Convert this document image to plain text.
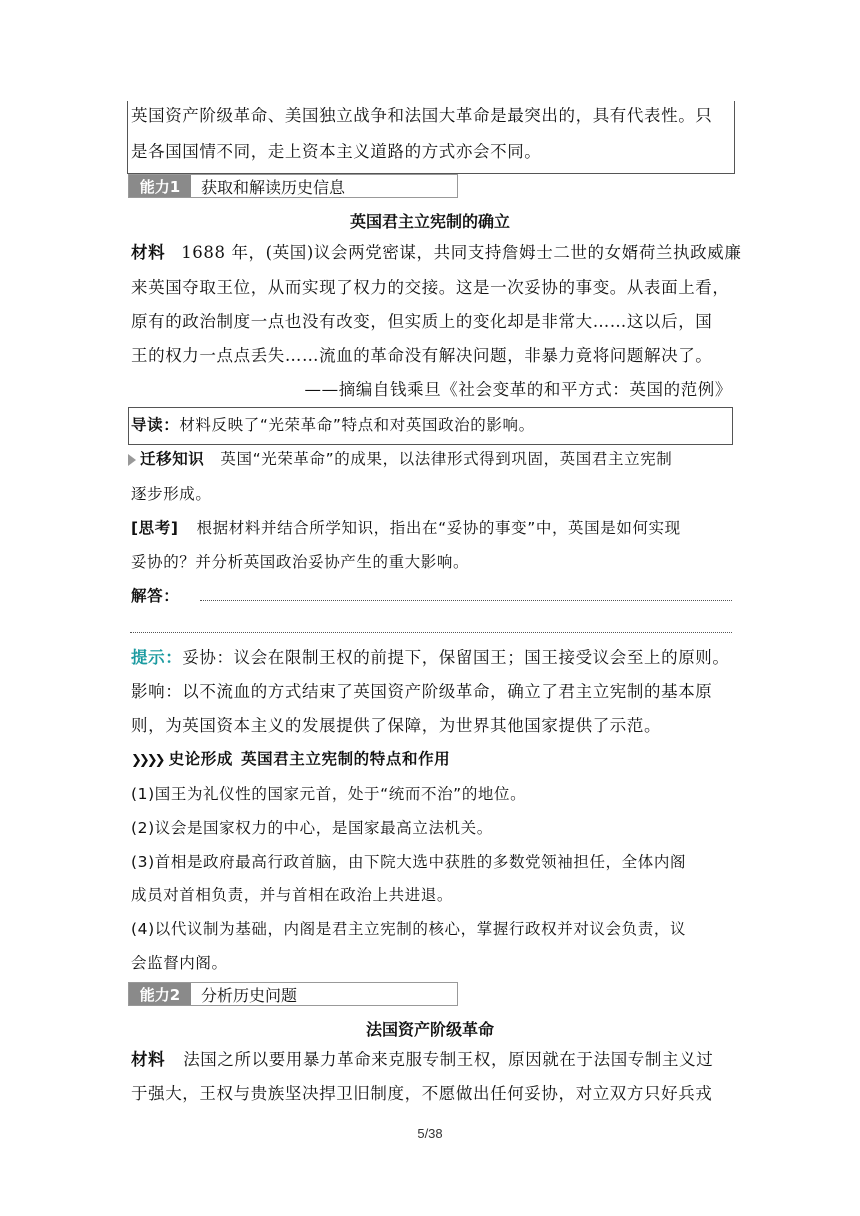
英国资产阶级革命、美国独立战争和法国大革命是最突出的，具有代表性。只
是各国国情不同，走上资本主义道路的方式亦会不同。
能力1	获取和解读历史信息
英国君主立宪制的确立
材料 1688 年，(英国)议会两党密谋，共同支持詹姆士二世的女婿荷兰执政威廉
来英国夺取王位，从而实现了权力的交接。这是一次妥协的事变。从表面上看，
原有的政治制度一点也没有改变，但实质上的变化却是非常大……这以后，国
王的权力一点点丢失……流血的革命没有解决问题，非暴力竟将问题解决了。
——摘编自钱乘旦《社会变革的和平方式：英国的范例》
导读：材料反映了“光荣革命”特点和对英国政治的影响。
迁移知识 英国“光荣革命”的成果，以法律形式得到巩固，英国君主立宪制
逐步形成。
[思考] 根据材料并结合所学知识，指出在“妥协的事变”中，英国是如何实现
妥协的？并分析英国政治妥协产生的重大影响。
解答：
提示：妥协：议会在限制王权的前提下，保留国王；国王接受议会至上的原则。
影响：以不流血的方式结束了英国资产阶级革命，确立了君主立宪制的基本原
则，为英国资本主义的发展提供了保障，为世界其他国家提供了示范。
❯❯❯❯ 史论形成 英国君主立宪制的特点和作用
(1)国王为礼仪性的国家元首，处于“统而不治”的地位。
(2)议会是国家权力的中心，是国家最高立法机关。
(3)首相是政府最高行政首脑，由下院大选中获胜的多数党领袖担任，全体内阁
成员对首相负责，并与首相在政治上共进退。
(4)以代议制为基础，内阁是君主立宪制的核心，掌握行政权并对议会负责，议
会监督内阁。
能力2	分析历史问题
法国资产阶级革命
材料 法国之所以要用暴力革命来克服专制王权，原因就在于法国专制主义过
于强大，王权与贵族坚决捍卫旧制度，不愿做出任何妥协，对立双方只好兵戎
5/38
